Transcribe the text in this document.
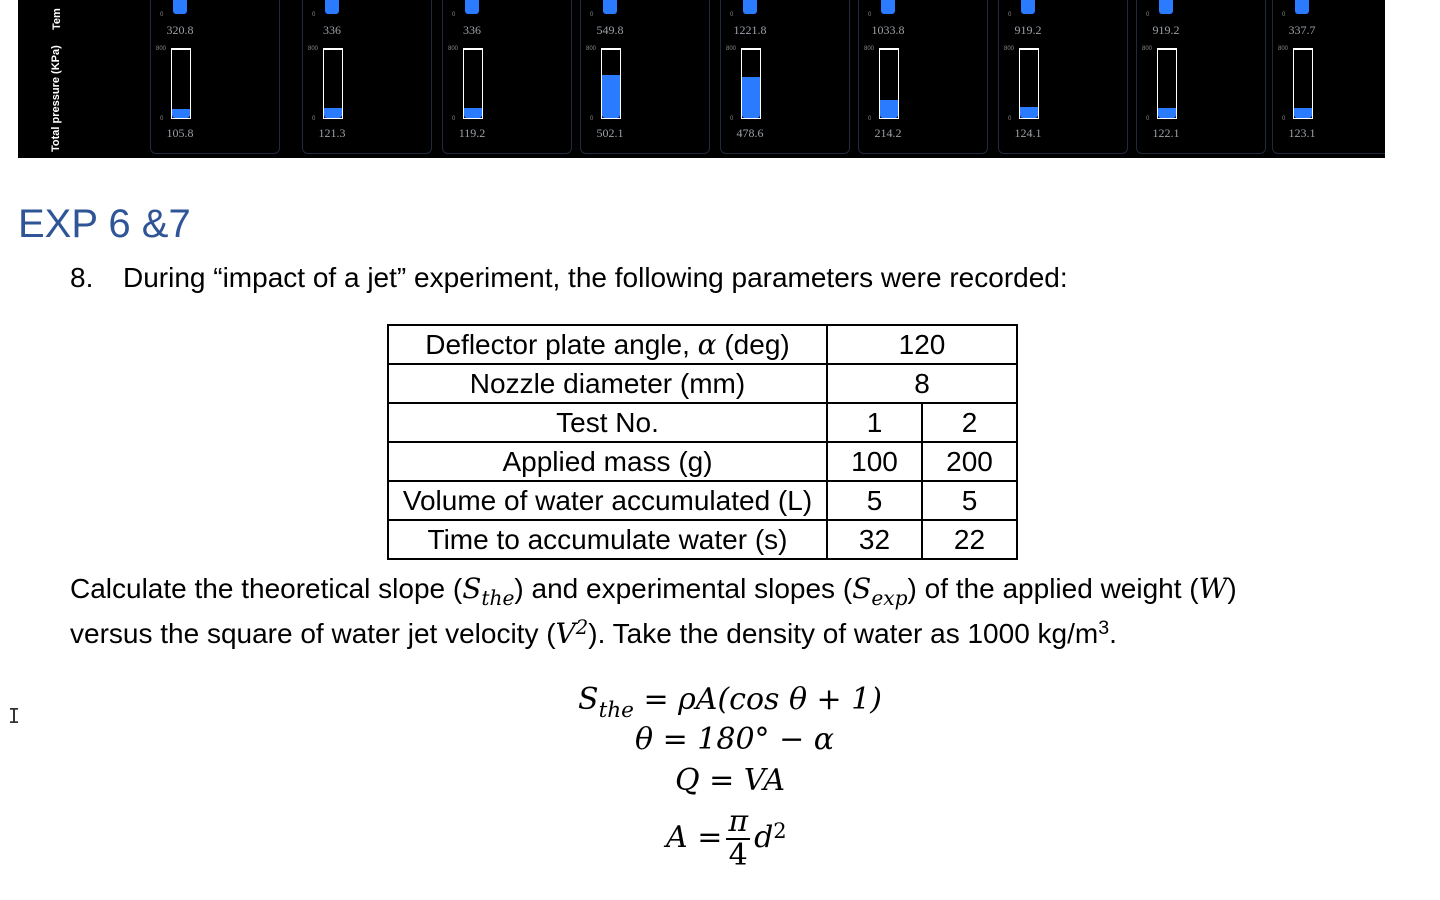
Tem
Total pressure (KPa)
0
320.8
800
0
105.8
0
336
800
0
121.3
0
336
800
0
119.2
0
549.8
800
0
502.1
0
1221.8
800
0
478.6
0
1033.8
800
0
214.2
0
919.2
800
0
124.1
0
919.2
800
0
122.1
0
337.7
800
0
123.1
EXP 6 &7
8. During “impact of a jet” experiment, the following parameters were recorded:
Deflector plate angle, α (deg)	120	
Nozzle diameter (mm)	8	
Test No.	1	2
Applied mass (g)	100	200
Volume of water accumulated (L)	5	5
Time to accumulate water (s)	32	22
Calculate the theoretical slope $(S_{the})$ and experimental slopes $(S_{exp})$ of the applied weight (W)
versus the square of water jet velocity $(V^2)$. Take the density of water as 1000 $kg/m^3$.
$S_{the} = \rho A(\cos$ θ + 1)
θ = 180° − α
Q = VA
$A = \frac{\pi}{4} d^2$
I
